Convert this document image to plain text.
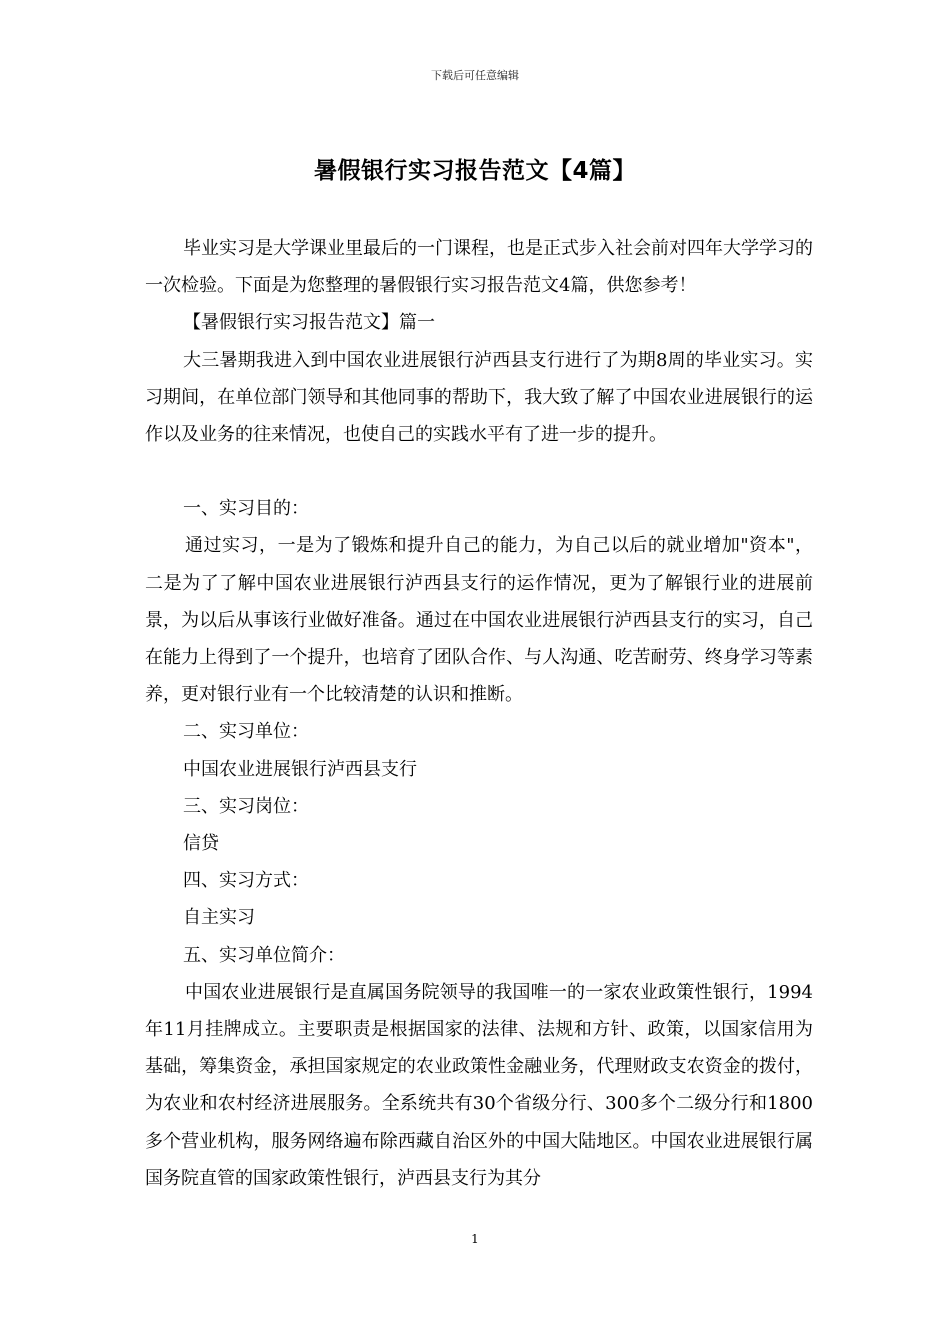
下载后可任意编辑
暑假银行实习报告范文【4篇】

毕业实习是大学课业里最后的一门课程，也是正式步入社会前对四年大学学习的一次检验。下面是为您整理的暑假银行实习报告范文4篇，供您参考！

【暑假银行实习报告范文】篇一

大三暑期我进入到中国农业进展银行泸西县支行进行了为期8周的毕业实习。实习期间，在单位部门领导和其他同事的帮助下，我大致了解了中国农业进展银行的运作以及业务的往来情况，也使自己的实践水平有了进一步的提升。

一、实习目的：

通过实习，一是为了锻炼和提升自己的能力，为自己以后的就业增加"资本"，二是为了了解中国农业进展银行泸西县支行的运作情况，更为了解银行业的进展前景，为以后从事该行业做好准备。通过在中国农业进展银行泸西县支行的实习，自己在能力上得到了一个提升，也培育了团队合作、与人沟通、吃苦耐劳、终身学习等素养，更对银行业有一个比较清楚的认识和推断。

二、实习单位：

中国农业进展银行泸西县支行

三、实习岗位：

信贷

四、实习方式：

自主实习

五、实习单位简介：

中国农业进展银行是直属国务院领导的我国唯一的一家农业政策性银行，1994年11月挂牌成立。主要职责是根据国家的法律、法规和方针、政策，以国家信用为基础，筹集资金，承担国家规定的农业政策性金融业务，代理财政支农资金的拨付，为农业和农村经济进展服务。全系统共有30个省级分行、300多个二级分行和1800多个营业机构，服务网络遍布除西藏自治区外的中国大陆地区。中国农业进展银行属国务院直管的国家政策性银行，泸西县支行为其分

1
